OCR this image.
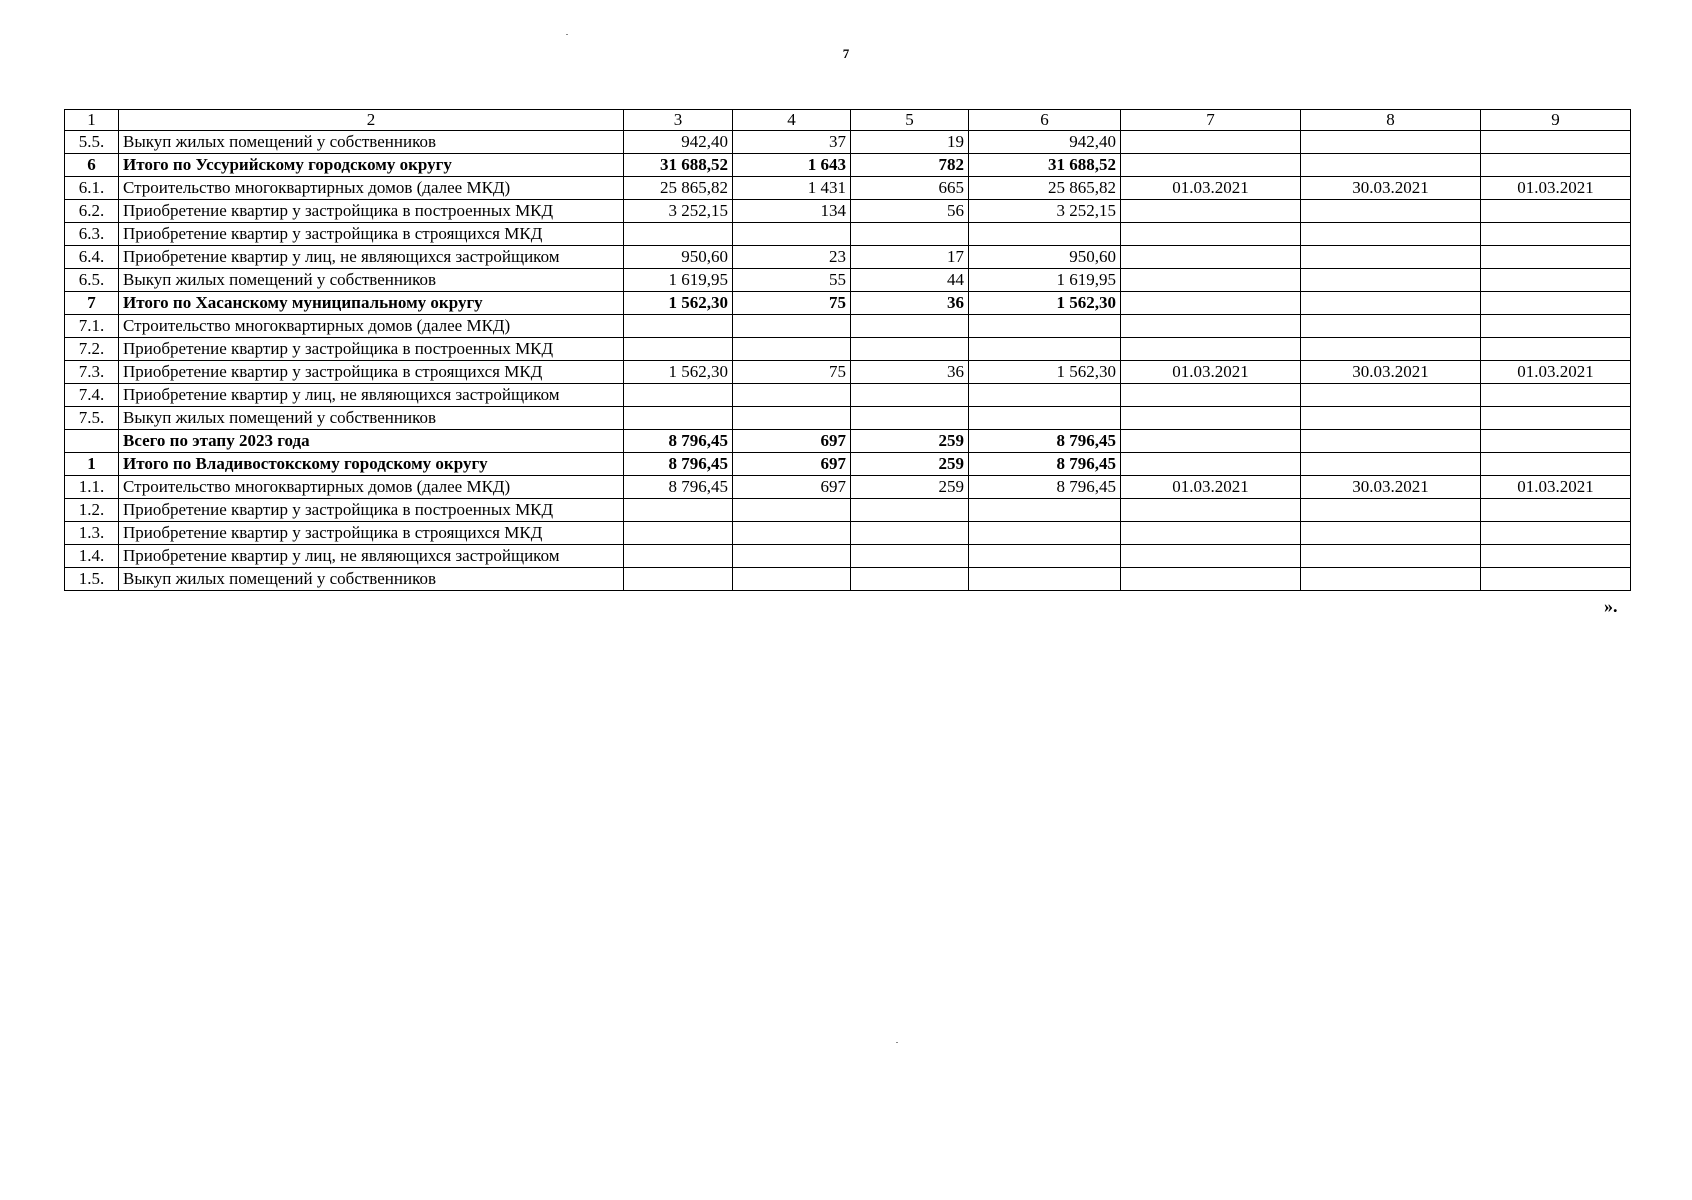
7
1	2	3	4	5	6	7	8	9
5.5.	Выкуп жилых помещений у собственников	942,40	37	19	942,40			
6	Итого по Уссурийскому городскому округу	31 688,52	1 643	782	31 688,52			
6.1.	Строительство многоквартирных домов (далее МКД)	25 865,82	1 431	665	25 865,82	01.03.2021	30.03.2021	01.03.2021
6.2.	Приобретение квартир у застройщика в построенных МКД	3 252,15	134	56	3 252,15			
6.3.	Приобретение квартир у застройщика в строящихся МКД							
6.4.	Приобретение квартир у лиц, не являющихся застройщиком	950,60	23	17	950,60			
6.5.	Выкуп жилых помещений у собственников	1 619,95	55	44	1 619,95			
7	Итого по Хасанскому муниципальному округу	1 562,30	75	36	1 562,30			
7.1.	Строительство многоквартирных домов (далее МКД)							
7.2.	Приобретение квартир у застройщика в построенных МКД							
7.3.	Приобретение квартир у застройщика в строящихся МКД	1 562,30	75	36	1 562,30	01.03.2021	30.03.2021	01.03.2021
7.4.	Приобретение квартир у лиц, не являющихся застройщиком							
7.5.	Выкуп жилых помещений у собственников							
	Всего по этапу 2023 года	8 796,45	697	259	8 796,45			
1	Итого по Владивостокскому городскому округу	8 796,45	697	259	8 796,45			
1.1.	Строительство многоквартирных домов (далее МКД)	8 796,45	697	259	8 796,45	01.03.2021	30.03.2021	01.03.2021
1.2.	Приобретение квартир у застройщика в построенных МКД							
1.3.	Приобретение квартир у застройщика в строящихся МКД							
1.4.	Приобретение квартир у лиц, не являющихся застройщиком							
1.5.	Выкуп жилых помещений у собственников							
».
